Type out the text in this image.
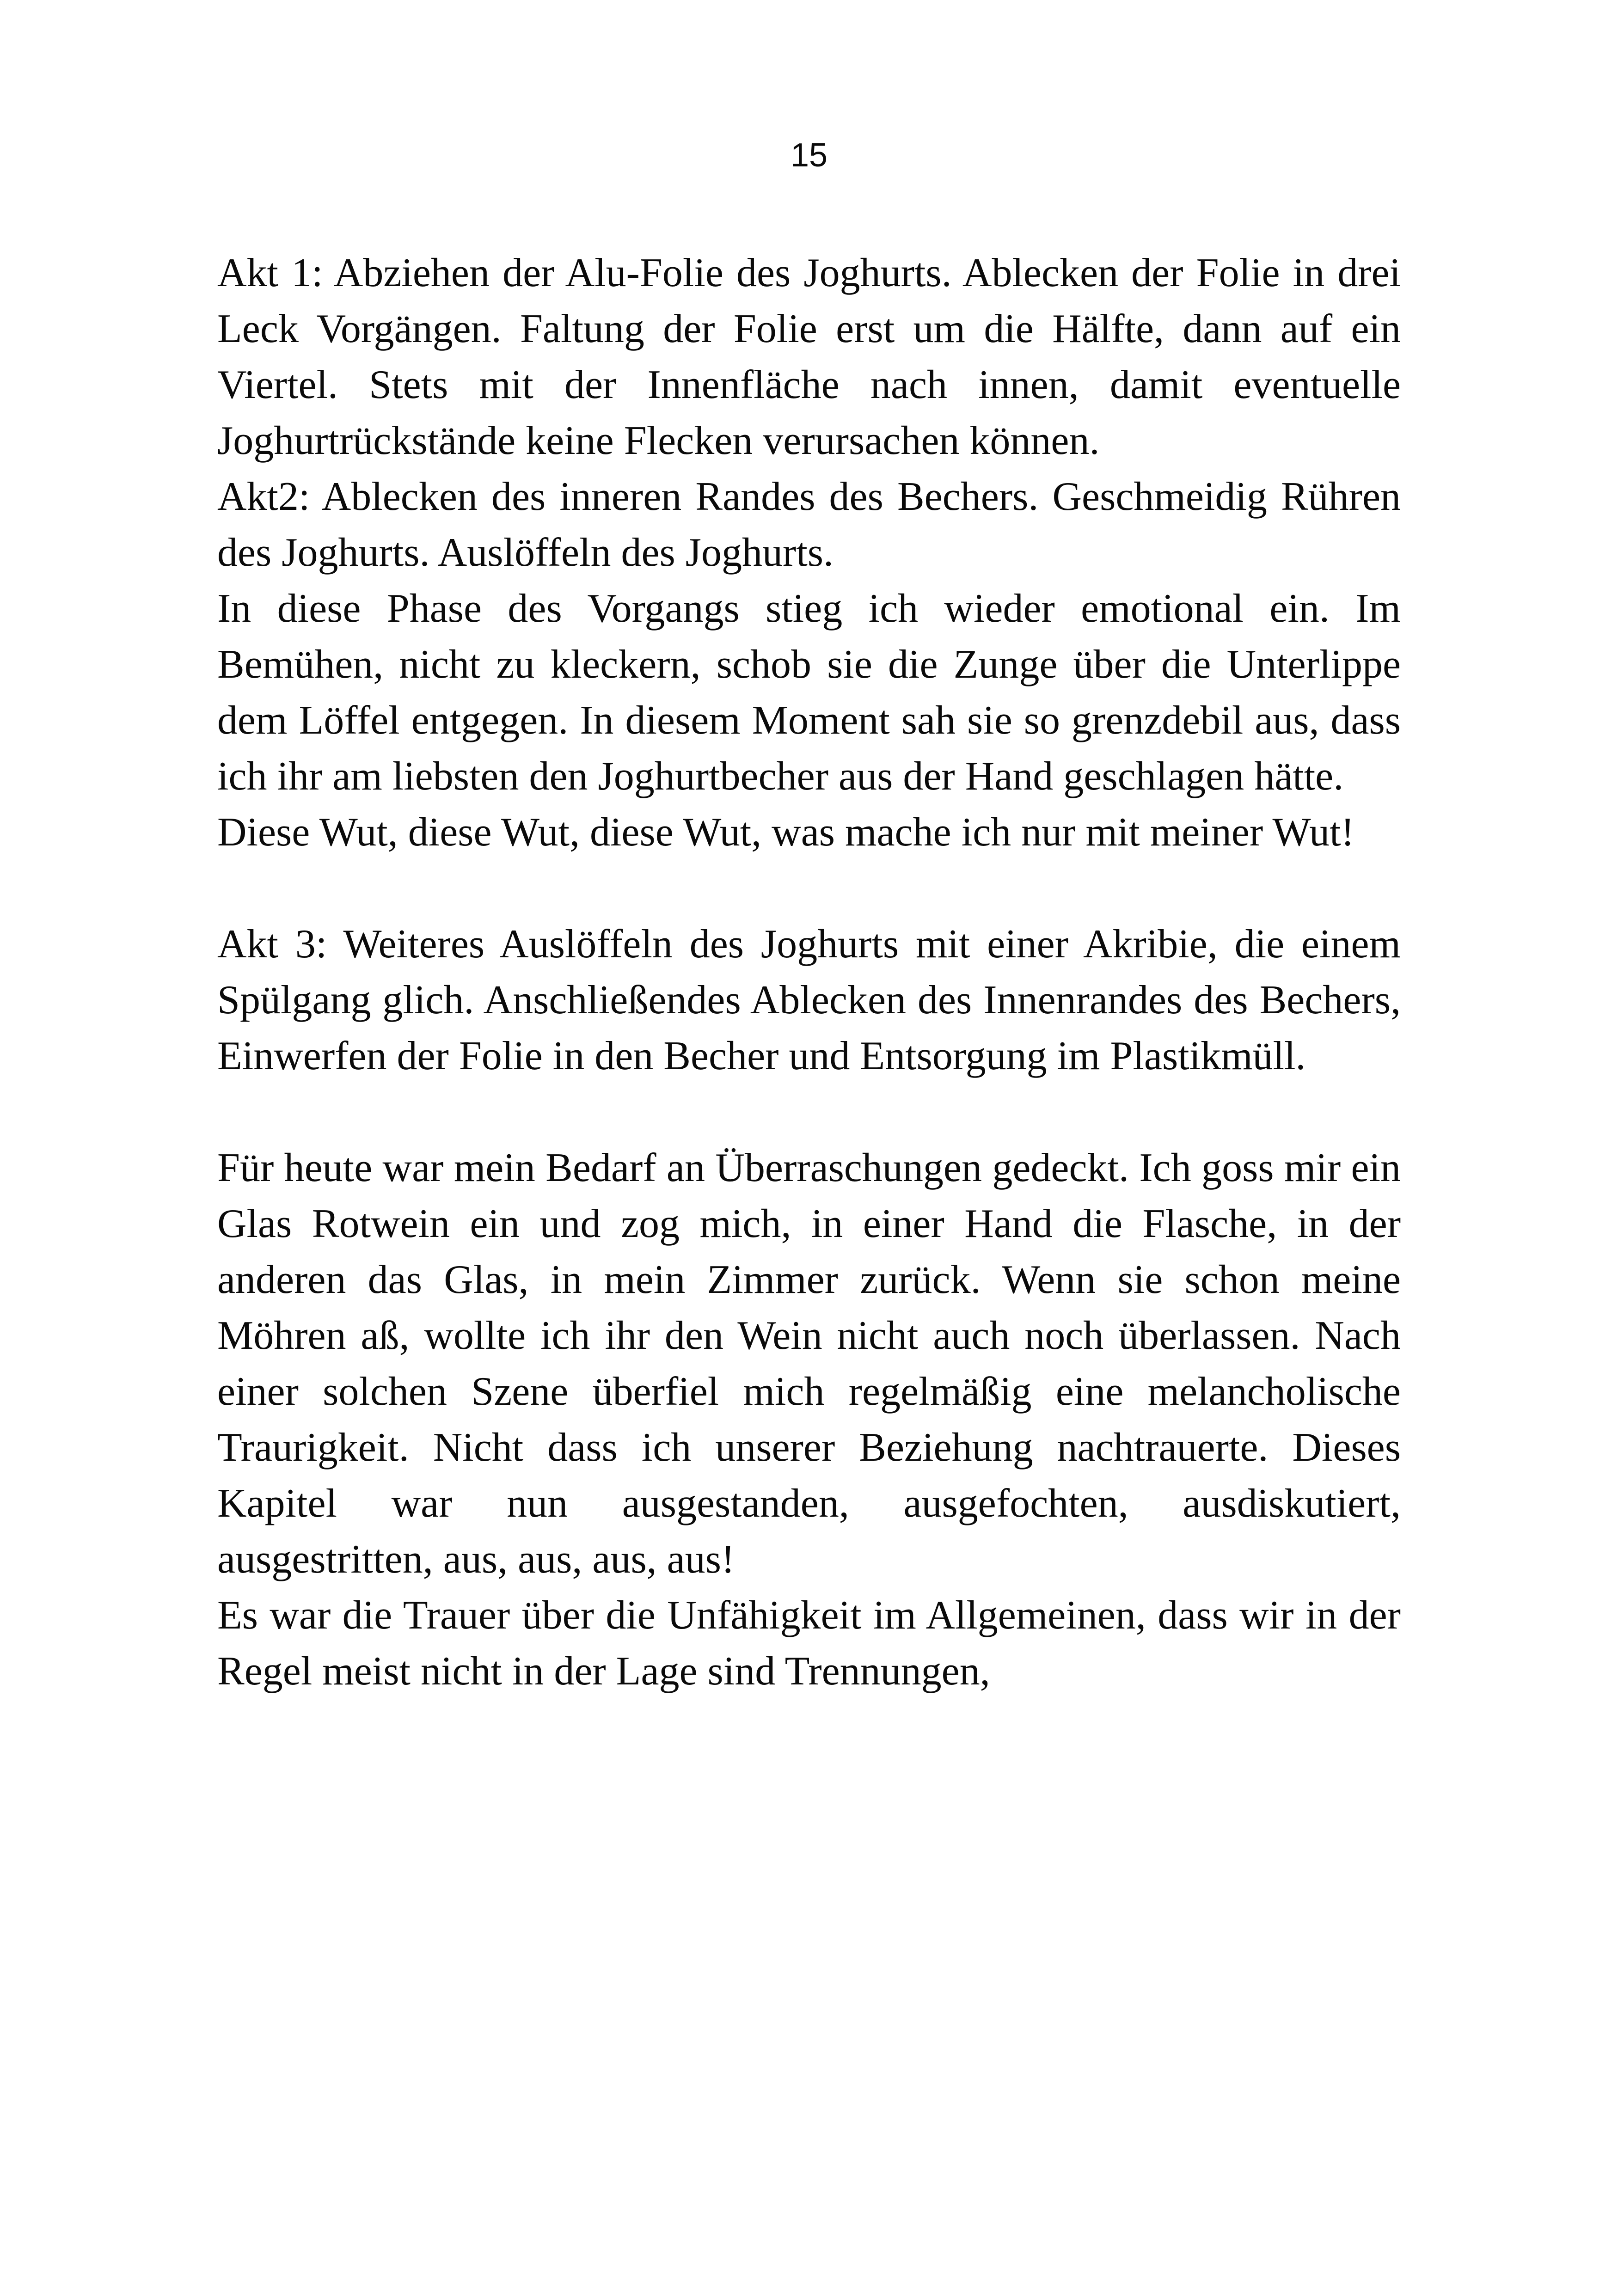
15

Akt 1: Abziehen der Alu-Folie des Joghurts. Ablecken der Folie in drei Leck Vorgängen. Faltung der Folie erst um die Hälfte, dann auf ein Viertel. Stets mit der Innenfläche nach innen, damit eventuelle Joghurtrückstände keine Flecken verursachen können.

Akt2: Ablecken des inneren Randes des Bechers. Geschmeidig Rühren des Joghurts. Auslöffeln des Joghurts.

In diese Phase des Vorgangs stieg ich wieder emotional ein. Im Bemühen, nicht zu kleckern, schob sie die Zunge über die Unterlippe dem Löffel entgegen. In diesem Moment sah sie so grenzdebil aus, dass ich ihr am liebsten den Joghurtbecher aus der Hand geschlagen hätte.

Diese Wut, diese Wut, diese Wut, was mache ich nur mit meiner Wut!

Akt 3: Weiteres Auslöffeln des Joghurts mit einer Akribie, die einem Spülgang glich. Anschließendes Ablecken des Innenrandes des Bechers, Einwerfen der Folie in den Becher und Entsorgung im Plastikmüll.

Für heute war mein Bedarf an Überraschungen gedeckt. Ich goss mir ein Glas Rotwein ein und zog mich, in einer Hand die Flasche, in der anderen das Glas, in mein Zimmer zurück. Wenn sie schon meine Möhren aß, wollte ich ihr den Wein nicht auch noch überlassen. Nach einer solchen Szene überfiel mich regelmäßig eine melancholische Traurigkeit. Nicht dass ich unserer Beziehung nachtrauerte. Dieses Kapitel war nun ausgestanden, ausgefochten, ausdiskutiert, ausgestritten, aus, aus, aus, aus!

Es war die Trauer über die Unfähigkeit im Allgemeinen, dass wir in der Regel meist nicht in der Lage sind Trennungen,
